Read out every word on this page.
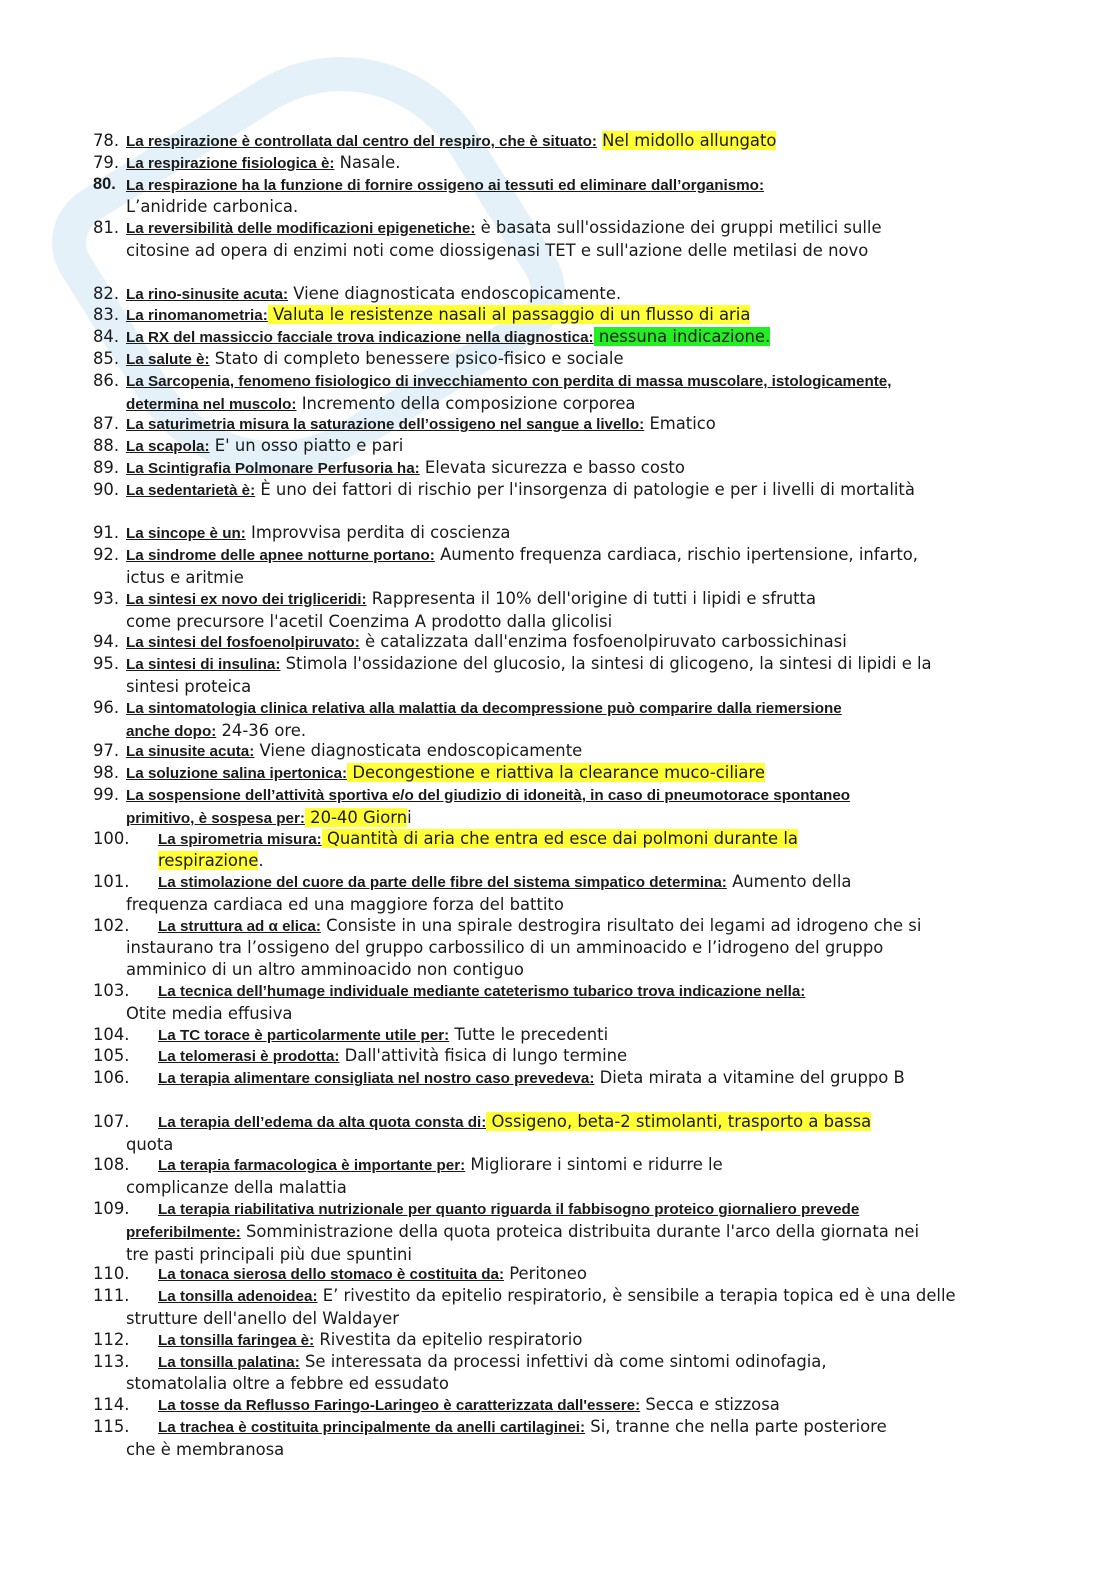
78. La respirazione è controllata dal centro del respiro, che è situato: Nel midollo allungato
79. La respirazione fisiologica è: Nasale.
80. La respirazione ha la funzione di fornire ossigeno ai tessuti ed eliminare dall’organismo:
L’anidride carbonica.
81. La reversibilità delle modificazioni epigenetiche: è basata sull'ossidazione dei gruppi metilici sulle citosine ad opera di enzimi noti come diossigenasi TET e sull'azione delle metilasi de novo
82. La rino-sinusite acuta: Viene diagnosticata endoscopicamente.
83. La rinomanometria: Valuta le resistenze nasali al passaggio di un flusso di aria
84. La RX del massiccio facciale trova indicazione nella diagnostica: nessuna indicazione.
85. La salute è: Stato di completo benessere psico-fisico e sociale
86. La Sarcopenia, fenomeno fisiologico di invecchiamento con perdita di massa muscolare, istologicamente, determina nel muscolo: Incremento della composizione corporea
87. La saturimetria misura la saturazione dell’ossigeno nel sangue a livello: Ematico
88. La scapola: E' un osso piatto e pari
89. La Scintigrafia Polmonare Perfusoria ha: Elevata sicurezza e basso costo
90. La sedentarietà è: È uno dei fattori di rischio per l'insorgenza di patologie e per i livelli di mortalità
91. La sincope è un: Improvvisa perdita di coscienza
92. La sindrome delle apnee notturne portano: Aumento frequenza cardiaca, rischio ipertensione, infarto, ictus e aritmie
93. La sintesi ex novo dei trigliceridi: Rappresenta il 10% dell'origine di tutti i lipidi e sfrutta come precursore l'acetil Coenzima A prodotto dalla glicolisi
94. La sintesi del fosfoenolpiruvato: è catalizzata dall'enzima fosfoenolpiruvato carbossichinasi
95. La sintesi di insulina: Stimola l'ossidazione del glucosio, la sintesi di glicogeno, la sintesi di lipidi e la sintesi proteica
96. La sintomatologia clinica relativa alla malattia da decompressione può comparire dalla riemersione anche dopo: 24-36 ore.
97. La sinusite acuta: Viene diagnosticata endoscopicamente
98. La soluzione salina ipertonica: Decongestione e riattiva la clearance muco-ciliare
99. La sospensione dell’attività sportiva e/o del giudizio di idoneità, in caso di pneumotorace spontaneo primitivo, è sospesa per: 20-40 Giorni
100. La spirometria misura: Quantità di aria che entra ed esce dai polmoni durante la respirazione.
101.	La stimolazione del cuore da parte delle fibre del sistema simpatico determina: Aumento della frequenza cardiaca ed una maggiore forza del battito
102.	La struttura ad α elica: Consiste in una spirale destrogira risultato dei legami ad idrogeno che si instaurano tra l’ossigeno del gruppo carbossilico di un amminoacido e l’idrogeno del gruppo amminico di un altro amminoacido non contiguo
103.	La tecnica dell’humage individuale mediante cateterismo tubarico trova indicazione nella:
Otite media effusiva
104. La TC torace è particolarmente utile per: Tutte le precedenti
105. La telomerasi è prodotta: Dall'attività fisica di lungo termine
106.	La terapia alimentare consigliata nel nostro caso prevedeva: Dieta mirata a vitamine del gruppo B
107.	La terapia dell’edema da alta quota consta di: Ossigeno, beta-2 stimolanti, trasporto a bassa quota
108.	La terapia farmacologica è importante per: Migliorare i sintomi e ridurre le complicanze della malattia
109.	La terapia riabilitativa nutrizionale per quanto riguarda il fabbisogno proteico giornaliero prevede preferibilmente: Somministrazione della quota proteica distribuita durante l'arco della giornata nei tre pasti principali più due spuntini
110. La tonaca sierosa dello stomaco è costituita da: Peritoneo
111.	La tonsilla adenoidea: E’ rivestito da epitelio respiratorio, è sensibile a terapia topica ed è una delle strutture dell'anello del Waldayer
112. La tonsilla faringea è: Rivestita da epitelio respiratorio
113.	La tonsilla palatina: Se interessata da processi infettivi dà come sintomi odinofagia, stomatolalia oltre a febbre ed essudato
114. La tosse da Reflusso Faringo-Laringeo è caratterizzata dall'essere: Secca e stizzosa
115.	La trachea è costituita principalmente da anelli cartilaginei: Si, tranne che nella parte posteriore che è membranosa
